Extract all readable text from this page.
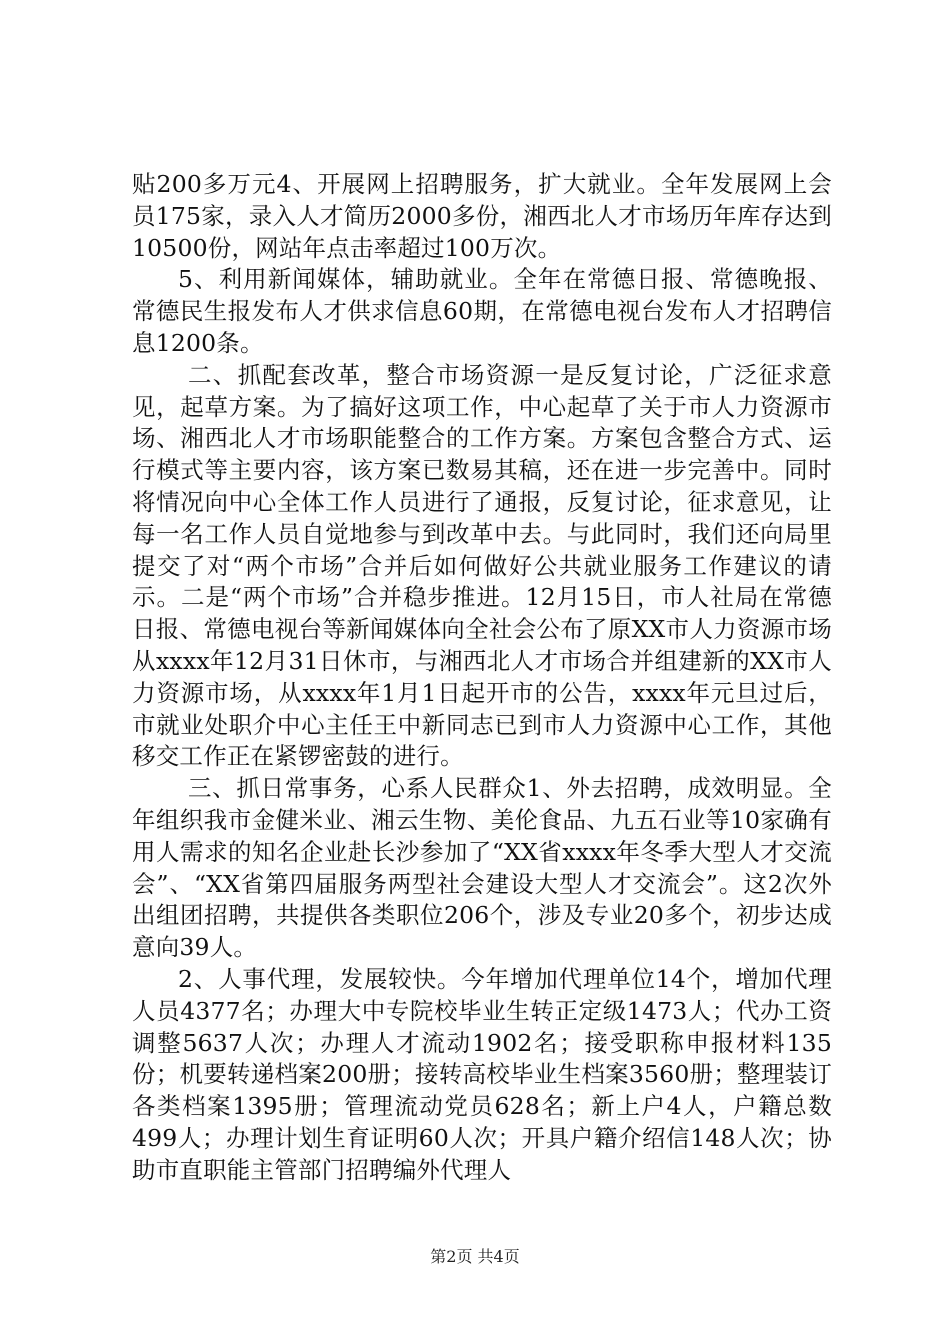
贴200多万元4、开展网上招聘服务，扩大就业。全年发展网上会员175家，录入人才简历2000多份，湘西北人才市场历年库存达到10500份，网站年点击率超过100万次。

5、利用新闻媒体，辅助就业。全年在常德日报、常德晚报、常德民生报发布人才供求信息60期，在常德电视台发布人才招聘信息1200条。

二、抓配套改革，整合市场资源一是反复讨论，广泛征求意见，起草方案。为了搞好这项工作，中心起草了关于市人力资源市场、湘西北人才市场职能整合的工作方案。方案包含整合方式、运行模式等主要内容，该方案已数易其稿，还在进一步完善中。同时将情况向中心全体工作人员进行了通报，反复讨论，征求意见，让每一名工作人员自觉地参与到改革中去。与此同时，我们还向局里提交了对“两个市场”合并后如何做好公共就业服务工作建议的请示。二是“两个市场”合并稳步推进。12月15日，市人社局在常德日报、常德电视台等新闻媒体向全社会公布了原XX市人力资源市场从xxxx年12月31日休市，与湘西北人才市场合并组建新的XX市人力资源市场，从xxxx年1月1日起开市的公告，xxxx年元旦过后，市就业处职介中心主任王中新同志已到市人力资源中心工作，其他移交工作正在紧锣密鼓的进行。

三、抓日常事务，心系人民群众1、外去招聘，成效明显。全年组织我市金健米业、湘云生物、美伦食品、九五石业等10家确有用人需求的知名企业赴长沙参加了“XX省xxxx年冬季大型人才交流会”、“XX省第四届服务两型社会建设大型人才交流会”。这2次外出组团招聘，共提供各类职位206个，涉及专业20多个，初步达成意向39人。

2、人事代理，发展较快。今年增加代理单位14个，增加代理人员4377名；办理大中专院校毕业生转正定级1473人；代办工资调整5637人次；办理人才流动1902名；接受职称申报材料135份；机要转递档案200册；接转高校毕业生档案3560册；整理装订各类档案1395册；管理流动党员628名；新上户4人，户籍总数499人；办理计划生育证明60人次；开具户籍介绍信148人次；协助市直职能主管部门招聘编外代理人

第2页 共4页
